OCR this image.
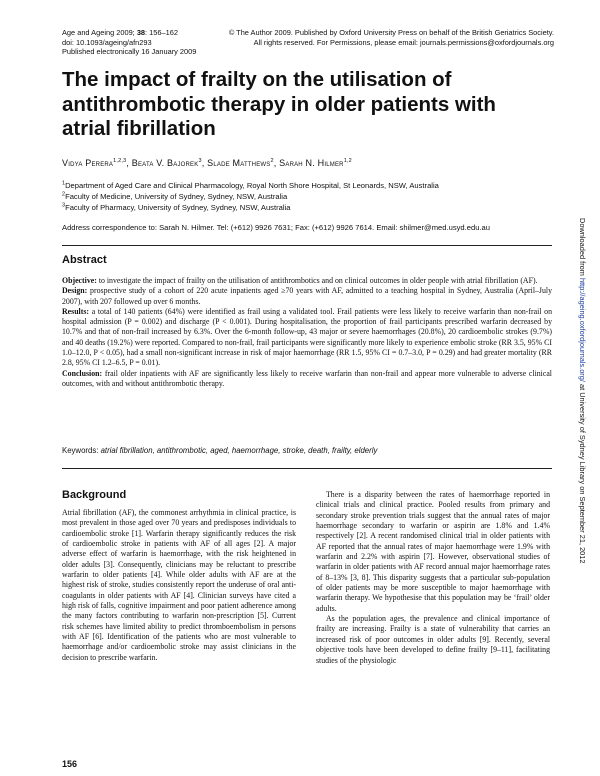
Age and Ageing 2009; 38: 156–162
doi: 10.1093/ageing/afn293
Published electronically 16 January 2009
© The Author 2009. Published by Oxford University Press on behalf of the British Geriatrics Society.
All rights reserved. For Permissions, please email: journals.permissions@oxfordjournals.org
The impact of frailty on the utilisation of antithrombotic therapy in older patients with atrial fibrillation
Vidya Perera$^{1,2,3}$, Beata V. Bajorek$^3$, Slade Matthews$^2$, Sarah N. Hilmer$^{1,2}$
$^1$Department of Aged Care and Clinical Pharmacology, Royal North Shore Hospital, St Leonards, NSW, Australia
$^2$Faculty of Medicine, University of Sydney, Sydney, NSW, Australia
$^3$Faculty of Pharmacy, University of Sydney, Sydney, NSW, Australia
Address correspondence to: Sarah N. Hilmer. Tel: (+612) 9926 7631; Fax: (+612) 9926 7614. Email: shilmer@med.usyd.edu.au
Abstract

Objective: to investigate the impact of frailty on the utilisation of antithrombotics and on clinical outcomes in older people with atrial fibrillation (AF).

Design: prospective study of a cohort of 220 acute inpatients aged ≥70 years with AF, admitted to a teaching hospital in Sydney, Australia (April–July 2007), with 207 followed up over 6 months.

Results: a total of 140 patients (64%) were identified as frail using a validated tool. Frail patients were less likely to receive warfarin than non-frail on hospital admission (P = 0.002) and discharge (P < 0.001). During hospitalisation, the proportion of frail participants prescribed warfarin decreased by 10.7% and that of non-frail increased by 6.3%. Over the 6-month follow-up, 43 major or severe haemorrhages (20.8%), 20 cardioembolic strokes (9.7%) and 40 deaths (19.2%) were reported. Compared to non-frail, frail participants were significantly more likely to experience embolic stroke (RR 3.5, 95% CI 1.0–12.0, P < 0.05), had a small non-significant increase in risk of major haemorrhage (RR 1.5, 95% CI = 0.7–3.0, P = 0.29) and had greater mortality (RR 2.8, 95% CI 1.2–6.5, P = 0.01).

Conclusion: frail older inpatients with AF are significantly less likely to receive warfarin than non-frail and appear more vulnerable to adverse clinical outcomes, with and without antithrombotic therapy.

Keywords: atrial fibrillation, antithrombotic, aged, haemorrhage, stroke, death, frailty, elderly
Background

Atrial fibrillation (AF), the commonest arrhythmia in clinical practice, is most prevalent in those aged over 70 years and predisposes individuals to cardioembolic stroke [1]. Warfarin therapy significantly reduces the risk of cardioembolic stroke in patients with AF of all ages [2]. A major adverse effect of warfarin is haemorrhage, with the risk heightened in older adults [3]. Consequently, clinicians may be reluctant to prescribe warfarin to older patients [4]. While older adults with AF are at the highest risk of stroke, studies consistently report the underuse of oral anti-coagulants in older patients with AF [4]. Clinician surveys have cited a high risk of falls, cognitive impairment and poor patient adherence among the many factors contributing to warfarin non-prescription [5]. Current risk schemes have limited ability to predict thromboembolism in persons with AF [6]. Identification of the patients who are most vulnerable to haemorrhage and/or cardioembolic stroke may assist clinicians in the decision to prescribe warfarin.

There is a disparity between the rates of haemorrhage reported in clinical trials and clinical practice. Pooled results from primary and secondary stroke prevention trials suggest that the annual rates of major haemorrhage secondary to warfarin or aspirin are 1.8% and 1.4% respectively [2]. A recent randomised clinical trial in older patients with AF reported that the annual rates of major haemorrhage were 1.9% with warfarin and 2.2% with aspirin [7]. However, observational studies of warfarin in older patients with AF record annual major haemorrhage rates of 8–13% [3, 8]. This disparity suggests that a particular sub-population of older patients may be more susceptible to major haemorrhage with warfarin therapy. We hypothesise that this population may be ‘frail’ older adults.

As the population ages, the prevalence and clinical importance of frailty are increasing. Frailty is a state of vulnerability that carries an increased risk of poor outcomes in older adults [9]. Recently, several objective tools have been developed to define frailty [9–11], facilitating studies of the physiologic

156
Downloaded from http://ageing.oxfordjournals.org/ at University of Sydney Library on September 21, 2012
